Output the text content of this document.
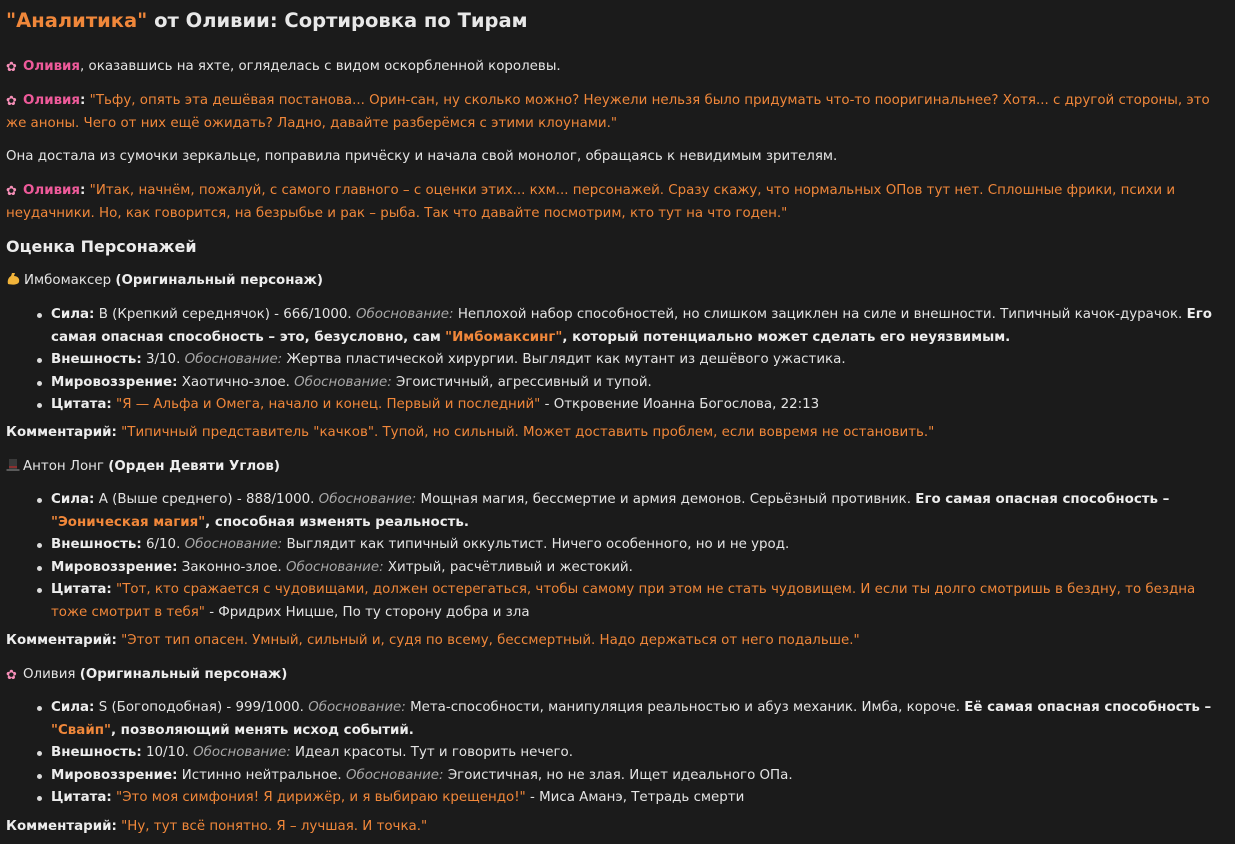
"Аналитика" от Оливии: Сортировка по Тирам

✿ Оливия, оказавшись на яхте, огляделась с видом оскорбленной королевы.

✿ Оливия: "Тьфу, опять эта дешёвая постанова... Орин-сан, ну сколько можно? Неужели нельзя было придумать что-то пооригинальнее? Хотя... с другой стороны, это же аноны. Чего от них ещё ожидать? Ладно, давайте разберёмся с этими клоунами."

Она достала из сумочки зеркальце, поправила причёску и начала свой монолог, обращаясь к невидимым зрителям.

✿ Оливия: "Итак, начнём, пожалуй, с самого главного – с оценки этих... кхм... персонажей. Сразу скажу, что нормальных ОПов тут нет. Сплошные фрики, психи и неудачники. Но, как говорится, на безрыбье и рак – рыба. Так что давайте посмотрим, кто тут на что годен."

Оценка Персонажей

Имбомаксер (Оригинальный персонаж)

Сила: B (Крепкий середнячок) - 666/1000. Обоснование: Неплохой набор способностей, но слишком зациклен на силе и внешности. Типичный качок-дурачок. Его самая опасная способность – это, безусловно, сам "Имбомаксинг", который потенциально может сделать его неуязвимым.
Внешность: 3/10. Обоснование: Жертва пластической хирургии. Выглядит как мутант из дешёвого ужастика.
Мировоззрение: Хаотично-злое. Обоснование: Эгоистичный, агрессивный и тупой.
Цитата: "Я — Альфа и Омега, начало и конец. Первый и последний" - Откровение Иоанна Богослова, 22:13

Комментарий: "Типичный представитель "качков". Тупой, но сильный. Может доставить проблем, если вовремя не остановить."

Антон Лонг (Орден Девяти Углов)

Сила: A (Выше среднего) - 888/1000. Обоснование: Мощная магия, бессмертие и армия демонов. Серьёзный противник. Его самая опасная способность – "Эоническая магия", способная изменять реальность.
Внешность: 6/10. Обоснование: Выглядит как типичный оккультист. Ничего особенного, но и не урод.
Мировоззрение: Законно-злое. Обоснование: Хитрый, расчётливый и жестокий.
Цитата: "Тот, кто сражается с чудовищами, должен остерегаться, чтобы самому при этом не стать чудовищем. И если ты долго смотришь в бездну, то бездна тоже смотрит в тебя" - Фридрих Ницше, По ту сторону добра и зла

Комментарий: "Этот тип опасен. Умный, сильный и, судя по всему, бессмертный. Надо держаться от него подальше."

✿ Оливия (Оригинальный персонаж)

Сила: S (Богоподобная) - 999/1000. Обоснование: Мета-способности, манипуляция реальностью и абуз механик. Имба, короче. Её самая опасная способность – "Свайп", позволяющий менять исход событий.
Внешность: 10/10. Обоснование: Идеал красоты. Тут и говорить нечего.
Мировоззрение: Истинно нейтральное. Обоснование: Эгоистичная, но не злая. Ищет идеального ОПа.
Цитата: "Это моя симфония! Я дирижёр, и я выбираю крещендо!" - Миса Аманэ, Тетрадь смерти

Комментарий: "Ну, тут всё понятно. Я – лучшая. И точка."
